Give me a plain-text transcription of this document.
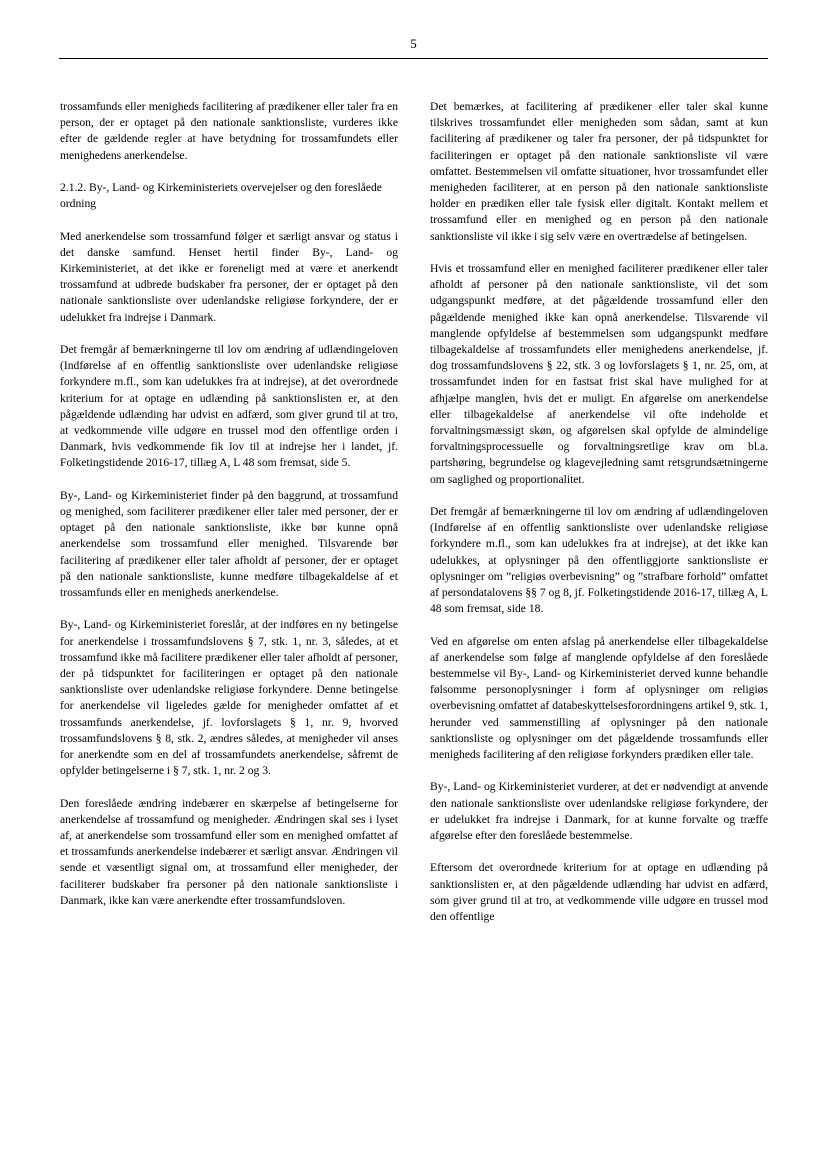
5

trossamfunds eller menigheds facilitering af prædikener eller taler fra en person, der er optaget på den nationale sanktionsliste, vurderes ikke efter de gældende regler at have betydning for trossamfundets eller menighedens anerkendelse.

2.1.2. By-, Land- og Kirkeministeriets overvejelser og den foreslåede ordning

Med anerkendelse som trossamfund følger et særligt ansvar og status i det danske samfund. Henset hertil finder By-, Land- og Kirkeministeriet, at det ikke er foreneligt med at være et anerkendt trossamfund at udbrede budskaber fra personer, der er optaget på den nationale sanktionsliste over udenlandske religiøse forkyndere, der er udelukket fra indrejse i Danmark.

Det fremgår af bemærkningerne til lov om ændring af udlændingeloven (Indførelse af en offentlig sanktionsliste over udenlandske religiøse forkyndere m.fl., som kan udelukkes fra at indrejse), at det overordnede kriterium for at optage en udlænding på sanktionslisten er, at den pågældende udlænding har udvist en adfærd, som giver grund til at tro, at vedkommende ville udgøre en trussel mod den offentlige orden i Danmark, hvis vedkommende fik lov til at indrejse her i landet, jf. Folketingstidende 2016-17, tillæg A, L 48 som fremsat, side 5.

By-, Land- og Kirkeministeriet finder på den baggrund, at trossamfund og menighed, som faciliterer prædikener eller taler med personer, der er optaget på den nationale sanktionsliste, ikke bør kunne opnå anerkendelse som trossamfund eller menighed. Tilsvarende bør facilitering af prædikener eller taler afholdt af personer, der er optaget på den nationale sanktionsliste, kunne medføre tilbagekaldelse af et trossamfunds eller en menigheds anerkendelse.

By-, Land- og Kirkeministeriet foreslår, at der indføres en ny betingelse for anerkendelse i trossamfundslovens § 7, stk. 1, nr. 3, således, at et trossamfund ikke må facilitere prædikener eller taler afholdt af personer, der på tidspunktet for faciliteringen er optaget på den nationale sanktionsliste over udenlandske religiøse forkyndere. Denne betingelse for anerkendelse vil ligeledes gælde for menigheder omfattet af et trossamfunds anerkendelse, jf. lovforslagets § 1, nr. 9, hvorved trossamfundslovens § 8, stk. 2, ændres således, at menigheder vil anses for anerkendte som en del af trossamfundets anerkendelse, såfremt de opfylder betingelserne i § 7, stk. 1, nr. 2 og 3.

Den foreslåede ændring indebærer en skærpelse af betingelserne for anerkendelse af trossamfund og menigheder. Ændringen skal ses i lyset af, at anerkendelse som trossamfund eller som en menighed omfattet af et trossamfunds anerkendelse indebærer et særligt ansvar. Ændringen vil sende et væsentligt signal om, at trossamfund eller menigheder, der faciliterer budskaber fra personer på den nationale sanktionsliste i Danmark, ikke kan være anerkendte efter trossamfundsloven.

Det bemærkes, at facilitering af prædikener eller taler skal kunne tilskrives trossamfundet eller menigheden som sådan, samt at kun facilitering af prædikener og taler fra personer, der på tidspunktet for faciliteringen er optaget på den nationale sanktionsliste vil være omfattet. Bestemmelsen vil omfatte situationer, hvor trossamfundet eller menigheden faciliterer, at en person på den nationale sanktionsliste holder en prædiken eller tale fysisk eller digitalt. Kontakt mellem et trossamfund eller en menighed og en person på den nationale sanktionsliste vil ikke i sig selv være en overtrædelse af betingelsen.

Hvis et trossamfund eller en menighed faciliterer prædikener eller taler afholdt af personer på den nationale sanktionsliste, vil det som udgangspunkt medføre, at det pågældende trossamfund eller den pågældende menighed ikke kan opnå anerkendelse. Tilsvarende vil manglende opfyldelse af bestemmelsen som udgangspunkt medføre tilbagekaldelse af trossamfundets eller menighedens anerkendelse, jf. dog trossamfundslovens § 22, stk. 3 og lovforslagets § 1, nr. 25, om, at trossamfundet inden for en fastsat frist skal have mulighed for at afhjælpe manglen, hvis det er muligt. En afgørelse om anerkendelse eller tilbagekaldelse af anerkendelse vil ofte indeholde et forvaltningsmæssigt skøn, og afgørelsen skal opfylde de almindelige forvaltningsprocessuelle og forvaltningsretlige krav om bl.a. partshøring, begrundelse og klagevejledning samt retsgrundsætningerne om saglighed og proportionalitet.

Det fremgår af bemærkningerne til lov om ændring af udlændingeloven (Indførelse af en offentlig sanktionsliste over udenlandske religiøse forkyndere m.fl., som kan udelukkes fra at indrejse), at det ikke kan udelukkes, at oplysninger på den offentliggjorte sanktionsliste er oplysninger om ”religiøs overbevisning” og ”strafbare forhold” omfattet af persondatalovens §§ 7 og 8, jf. Folketingstidende 2016-17, tillæg A, L 48 som fremsat, side 18.

Ved en afgørelse om enten afslag på anerkendelse eller tilbagekaldelse af anerkendelse som følge af manglende opfyldelse af den foreslåede bestemmelse vil By-, Land- og Kirkeministeriet derved kunne behandle følsomme personoplysninger i form af oplysninger om religiøs overbevisning omfattet af databeskyttelsesforordningens artikel 9, stk. 1, herunder ved sammenstilling af oplysninger på den nationale sanktionsliste og oplysninger om det pågældende trossamfunds eller menigheds facilitering af den religiøse forkynders prædiken eller tale.

By-, Land- og Kirkeministeriet vurderer, at det er nødvendigt at anvende den nationale sanktionsliste over udenlandske religiøse forkyndere, der er udelukket fra indrejse i Danmark, for at kunne forvalte og træffe afgørelse efter den foreslåede bestemmelse.

Eftersom det overordnede kriterium for at optage en udlænding på sanktionslisten er, at den pågældende udlænding har udvist en adfærd, som giver grund til at tro, at vedkommende ville udgøre en trussel mod den offentlige
